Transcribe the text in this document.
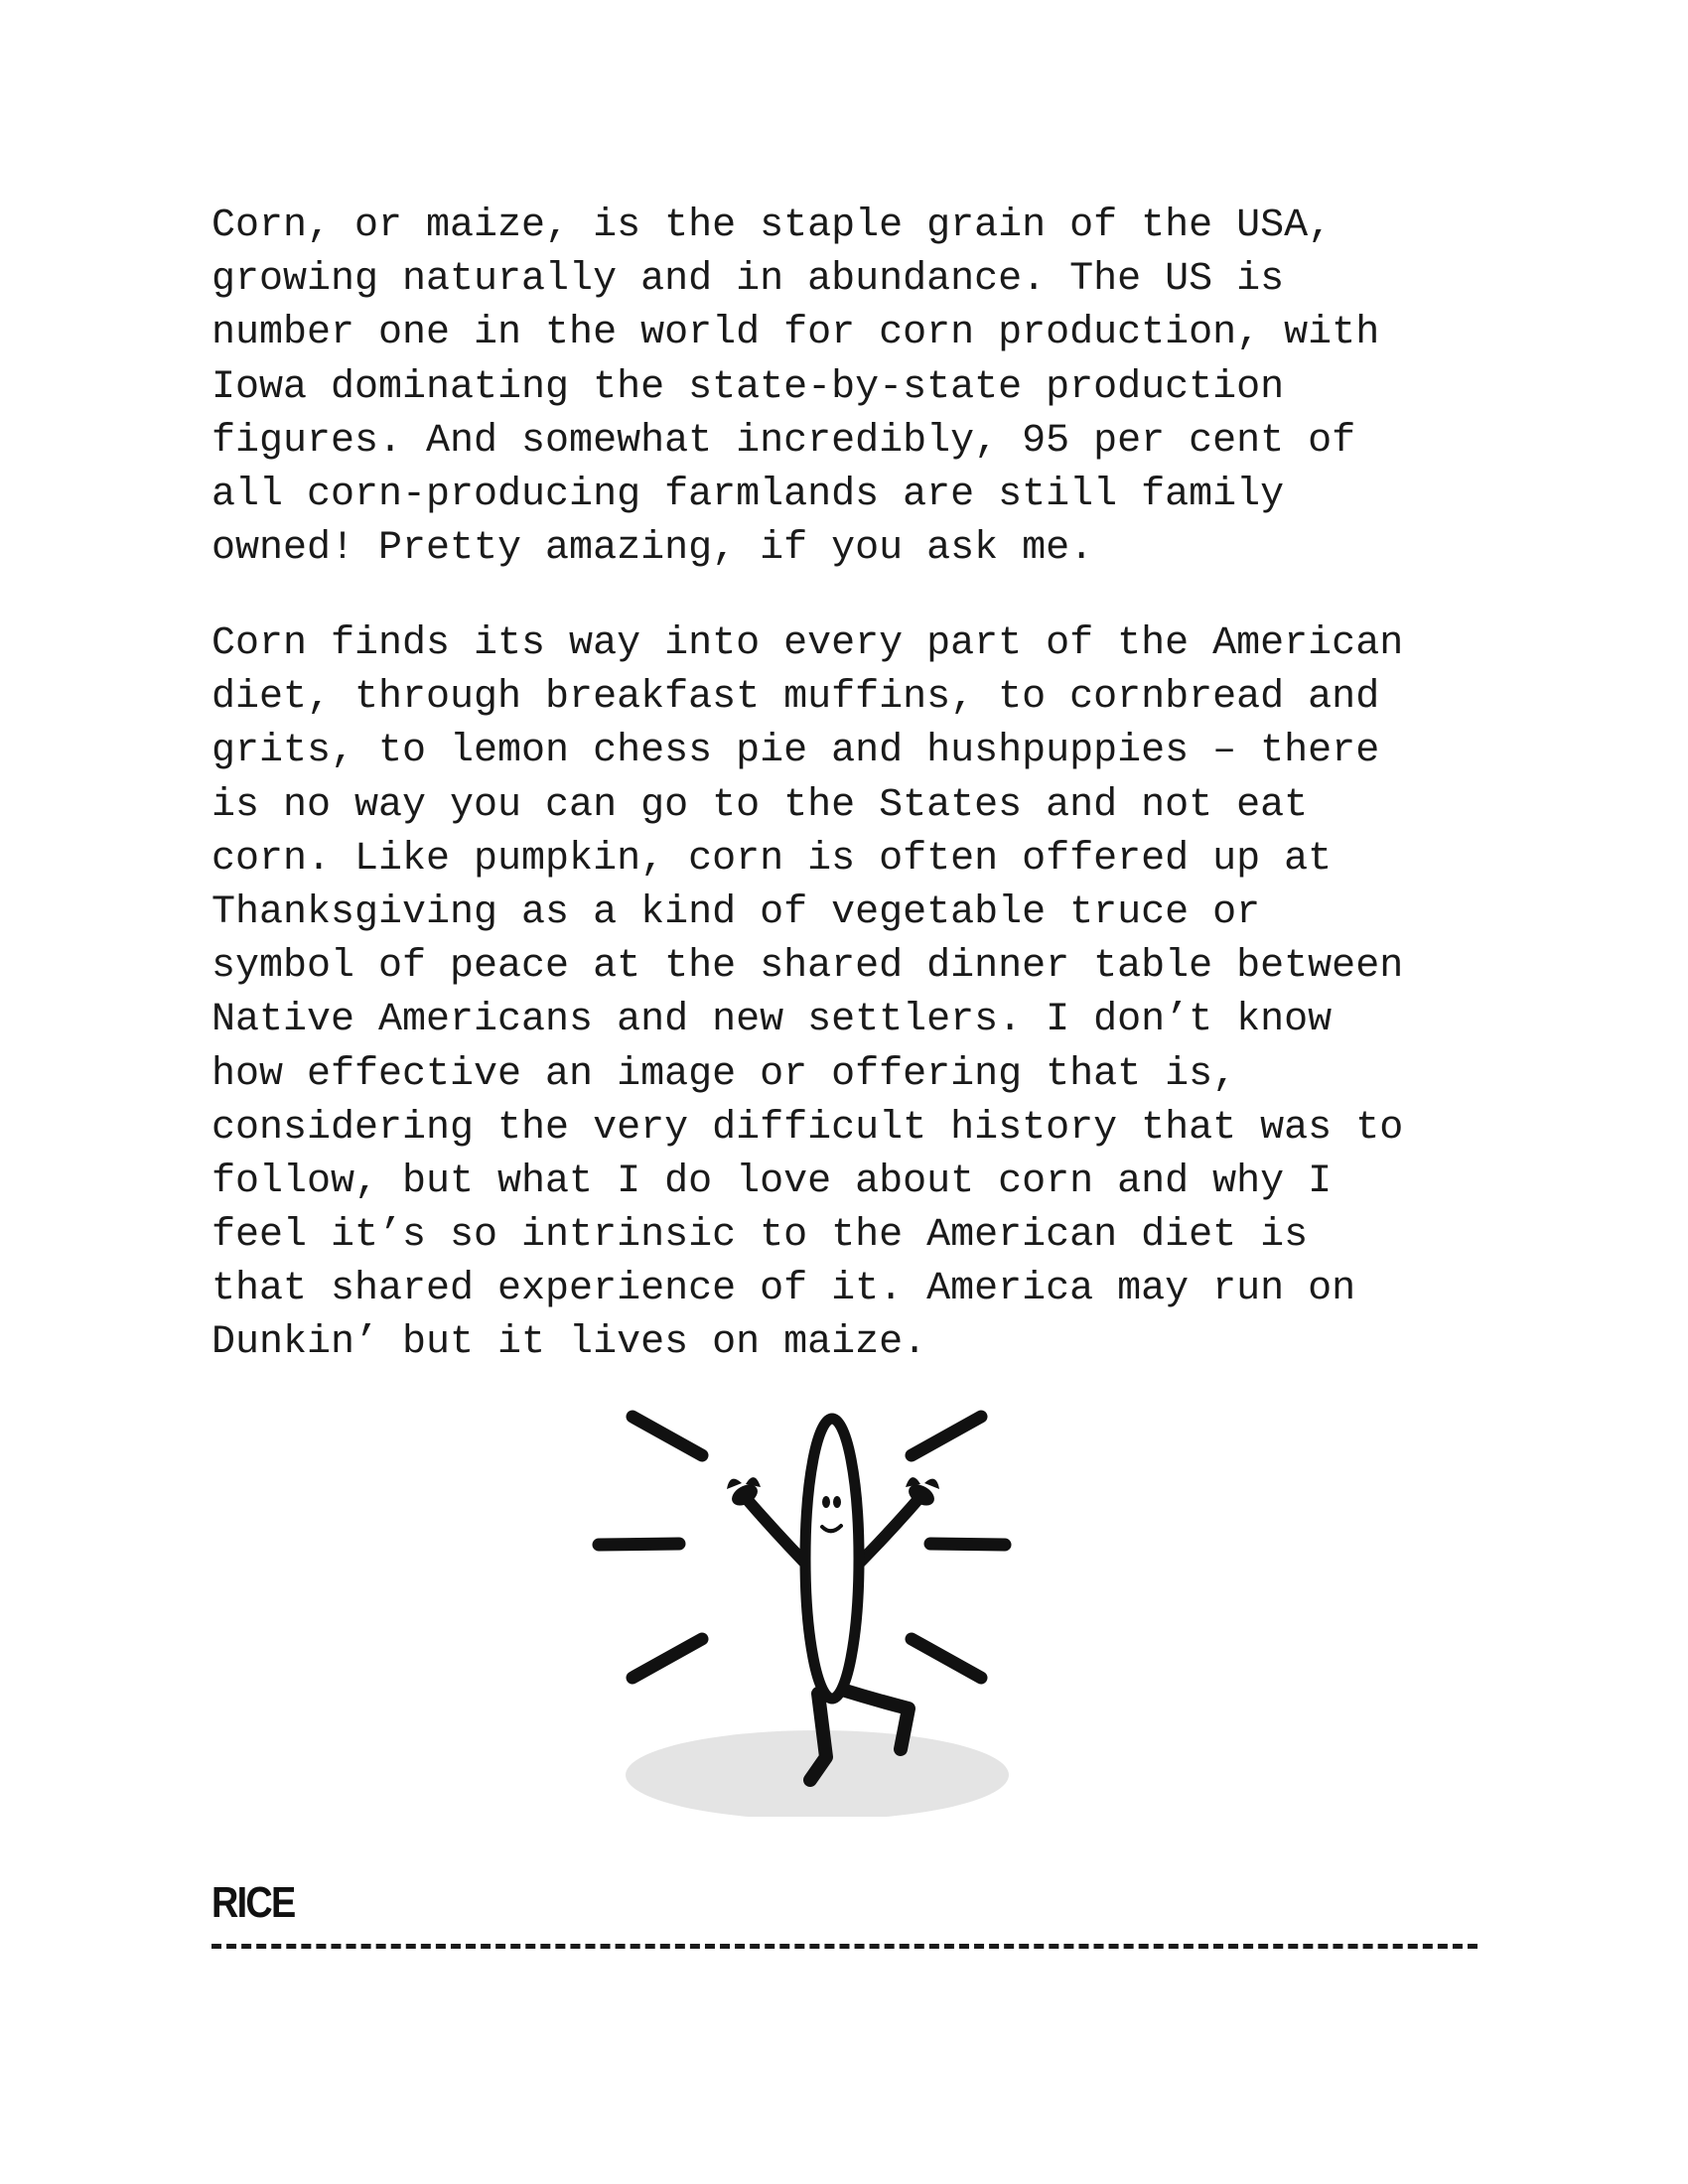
Corn, or maize, is the staple grain of the USA,
growing naturally and in abundance. The US is
number one in the world for corn production, with
Iowa dominating the state-by-state production
figures. And somewhat incredibly, 95 per cent of
all corn-producing farmlands are still family
owned! Pretty amazing, if you ask me.
Corn finds its way into every part of the American
diet, through breakfast muffins, to cornbread and
grits, to lemon chess pie and hushpuppies – there
is no way you can go to the States and not eat
corn. Like pumpkin, corn is often offered up at
Thanksgiving as a kind of vegetable truce or
symbol of peace at the shared dinner table between
Native Americans and new settlers. I don’t know
how effective an image or offering that is,
considering the very difficult history that was to
follow, but what I do love about corn and why I
feel it’s so intrinsic to the American diet is
that shared experience of it. America may run on
Dunkin’ but it lives on maize.
RICE
